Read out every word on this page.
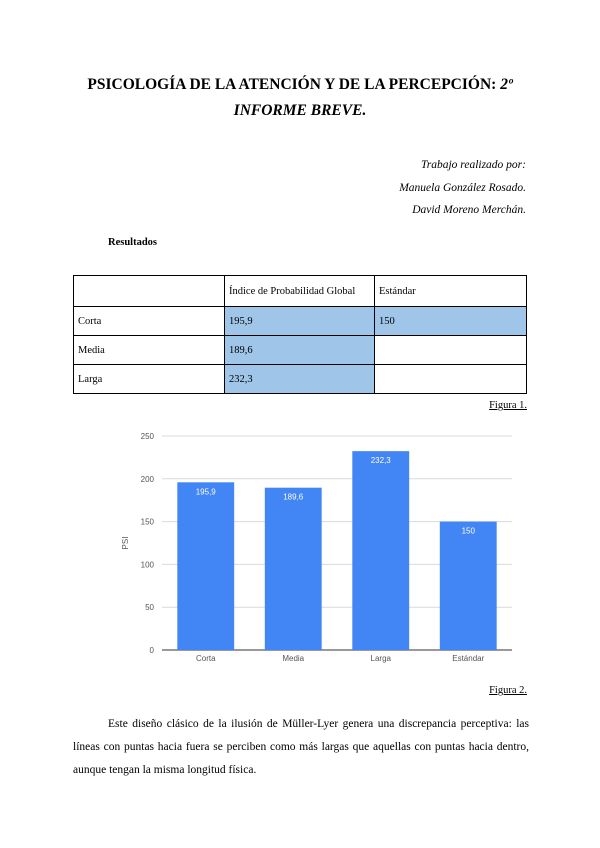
PSICOLOGÍA DE LA ATENCIÓN Y DE LA PERCEPCIÓN: 2º
INFORME BREVE.
Trabajo realizado por:
Manuela González Rosado.
David Moreno Merchán.
Resultados
	Índice de Probabilidad Global	Estándar
Corta	195,9	150
Media	189,6	
Larga	232,3	
Figura 1.
0
50
100
150
200
250
PSI
195,9
Corta
189,6
Media
232,3
Larga
150
Estándar
Figura 2.
Este diseño clásico de la ilusión de Müller-Lyer genera una discrepancia perceptiva: las líneas con puntas hacia fuera se perciben como más largas que aquellas con puntas hacia dentro, aunque tengan la misma longitud física.
